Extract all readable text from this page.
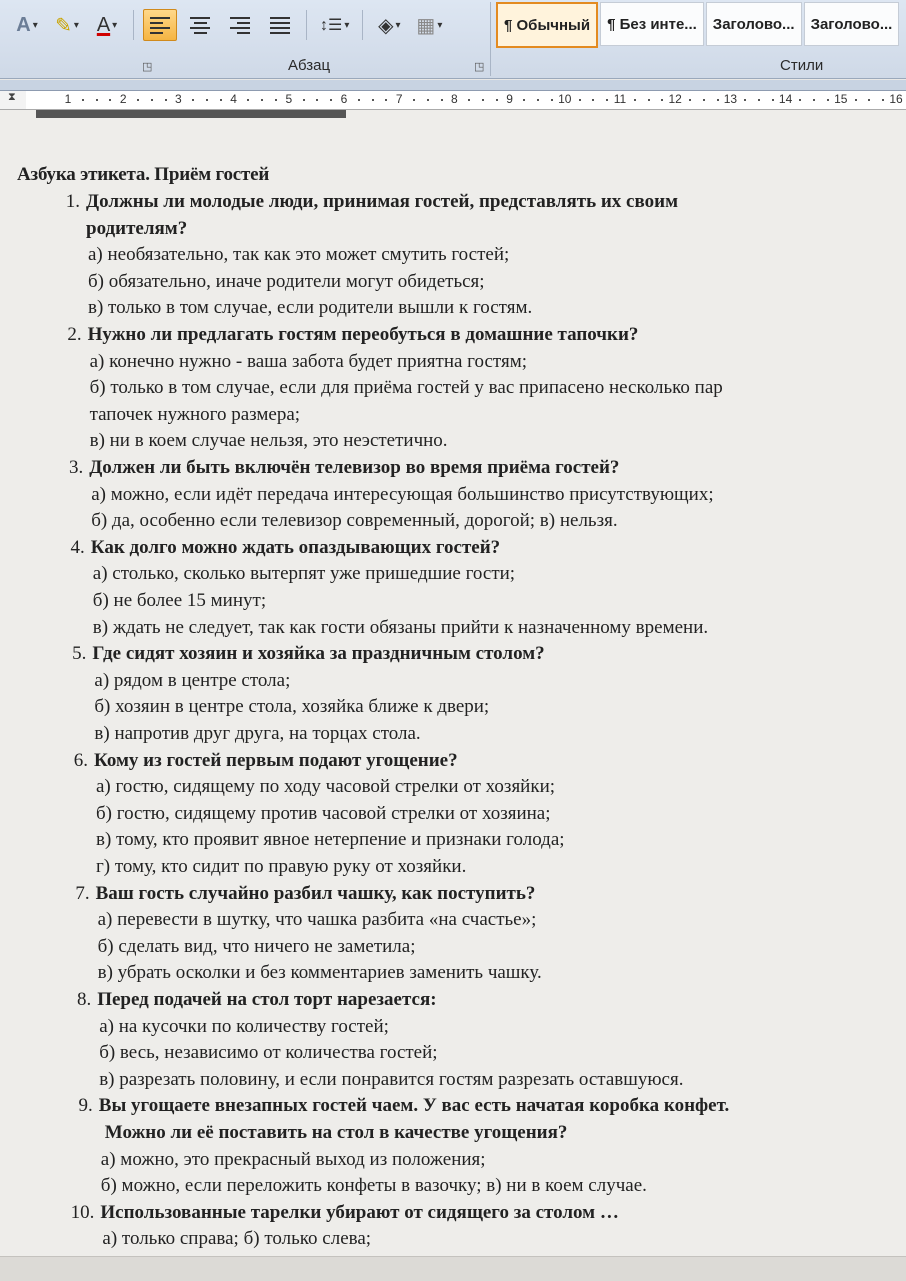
A ▾ ✎ ▾ A ▾	↕☰ ▾ ◈ ▾ ▦ ▾
◳	Абзац	◳
¶ Обычный	¶ Без инте...	Заголово...	Заголово...
Стили
⧗	1	2	3	4	5	6	7	8	9	10	11	12	13	14	15	16
Азбука этикета. Приём гостей
1. Должны ли молодые люди, принимая гостей, представлять их своим
родителям?
а) необязательно, так как это может смутить гостей;
б) обязательно, иначе родители могут обидеться;
в) только в том случае, если родители вышли к гостям.
2. Нужно ли предлагать гостям переобуться в домашние тапочки?
а) конечно нужно - ваша забота будет приятна гостям;
б) только в том случае, если для приёма гостей у вас припасено несколько пар
тапочек нужного размера;
в) ни в коем случае нельзя, это неэстетично.
3. Должен ли быть включён телевизор во время приёма гостей?
а) можно, если идёт передача интересующая большинство присутствующих;
б) да, особенно если телевизор современный, дорогой; в) нельзя.
4. Как долго можно ждать опаздывающих гостей?
а) столько, сколько вытерпят уже пришедшие гости;
б) не более 15 минут;
в) ждать не следует, так как гости обязаны прийти к назначенному времени.
5. Где сидят хозяин и хозяйка за праздничным столом?
а) рядом в центре стола;
б) хозяин в центре стола, хозяйка ближе к двери;
в) напротив друг друга, на торцах стола.
6. Кому из гостей первым подают угощение?
а) гостю, сидящему по ходу часовой стрелки от хозяйки;
б) гостю, сидящему против часовой стрелки от хозяина;
в) тому, кто проявит явное нетерпение и признаки голода;
г) тому, кто сидит по правую руку от хозяйки.
7. Ваш гость случайно разбил чашку, как поступить?
а) перевести в шутку, что чашка разбита «на счастье»;
б) сделать вид, что ничего не заметила;
в) убрать осколки и без комментариев заменить чашку.
8. Перед подачей на стол торт нарезается:
а) на кусочки по количеству гостей;
б) весь, независимо от количества гостей;
в) разрезать половину, и если понравится гостям разрезать оставшуюся.
9. Вы угощаете внезапных гостей чаем. У вас есть начатая коробка конфет.
Можно ли её поставить на стол в качестве угощения?
а) можно, это прекрасный выход из положения;
б) можно, если переложить конфеты в вазочку; в) ни в коем случае.
10. Использованные тарелки убирают от сидящего за столом …
а) только справа; б) только слева;
